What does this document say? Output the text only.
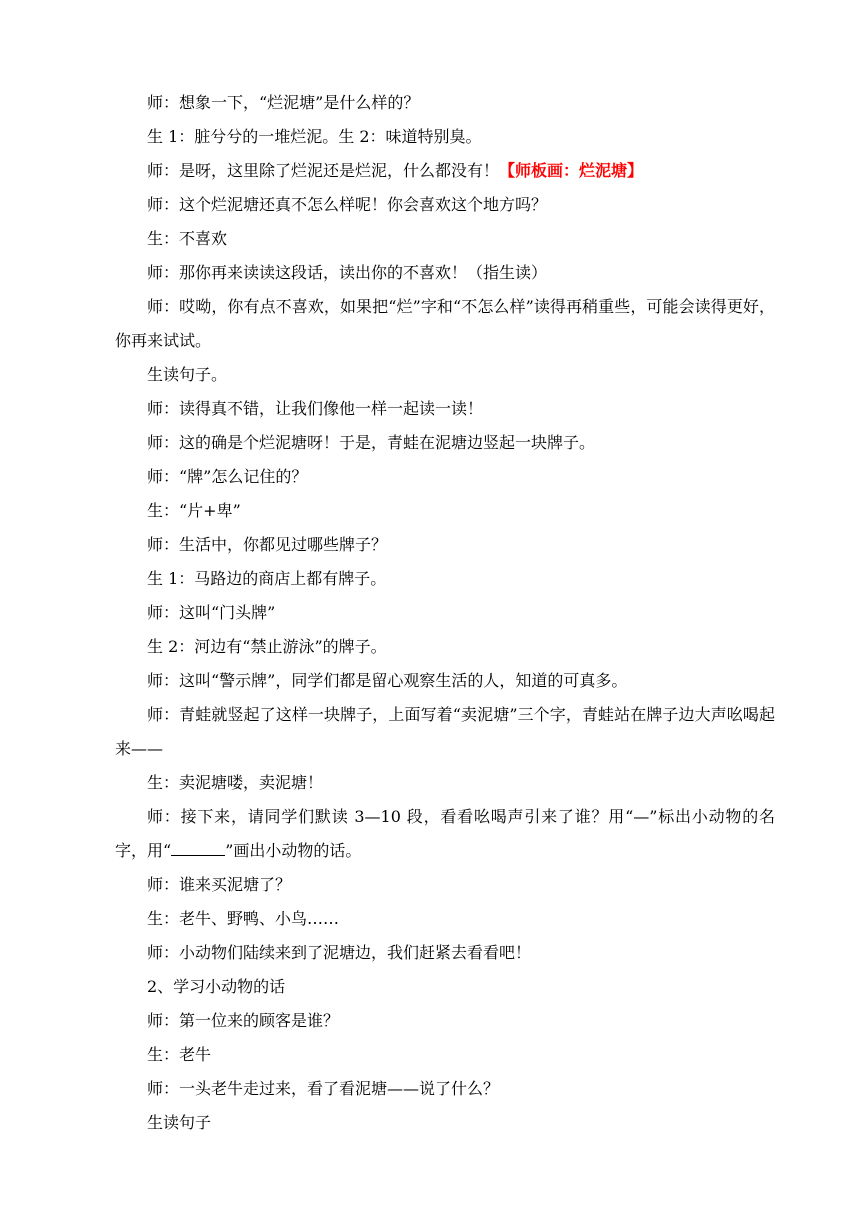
师：想象一下，“烂泥塘”是什么样的？

生 1：脏兮兮的一堆烂泥。生 2：味道特别臭。

师：是呀，这里除了烂泥还是烂泥，什么都没有！【师板画：烂泥塘】

师：这个烂泥塘还真不怎么样呢！你会喜欢这个地方吗？

生：不喜欢

师：那你再来读读这段话，读出你的不喜欢！（指生读）

师：哎呦，你有点不喜欢，如果把“烂”字和“不怎么样”读得再稍重些，可能会读得更好，你再来试试。

生读句子。

师：读得真不错，让我们像他一样一起读一读！

师：这的确是个烂泥塘呀！于是，青蛙在泥塘边竖起一块牌子。

师：“牌”怎么记住的？

生：“片+卑”

师：生活中，你都见过哪些牌子？

生 1：马路边的商店上都有牌子。

师：这叫“门头牌”

生 2：河边有“禁止游泳”的牌子。

师：这叫“警示牌”，同学们都是留心观察生活的人，知道的可真多。

师：青蛙就竖起了这样一块牌子，上面写着“卖泥塘”三个字，青蛙站在牌子边大声吆喝起来——

生：卖泥塘喽，卖泥塘！

师：接下来，请同学们默读 3—10 段，看看吆喝声引来了谁？用“—”标出小动物的名字，用“	”画出小动物的话。

师：谁来买泥塘了？

生：老牛、野鸭、小鸟……

师：小动物们陆续来到了泥塘边，我们赶紧去看看吧！

2、学习小动物的话

师：第一位来的顾客是谁？

生：老牛

师：一头老牛走过来，看了看泥塘——说了什么？

生读句子
